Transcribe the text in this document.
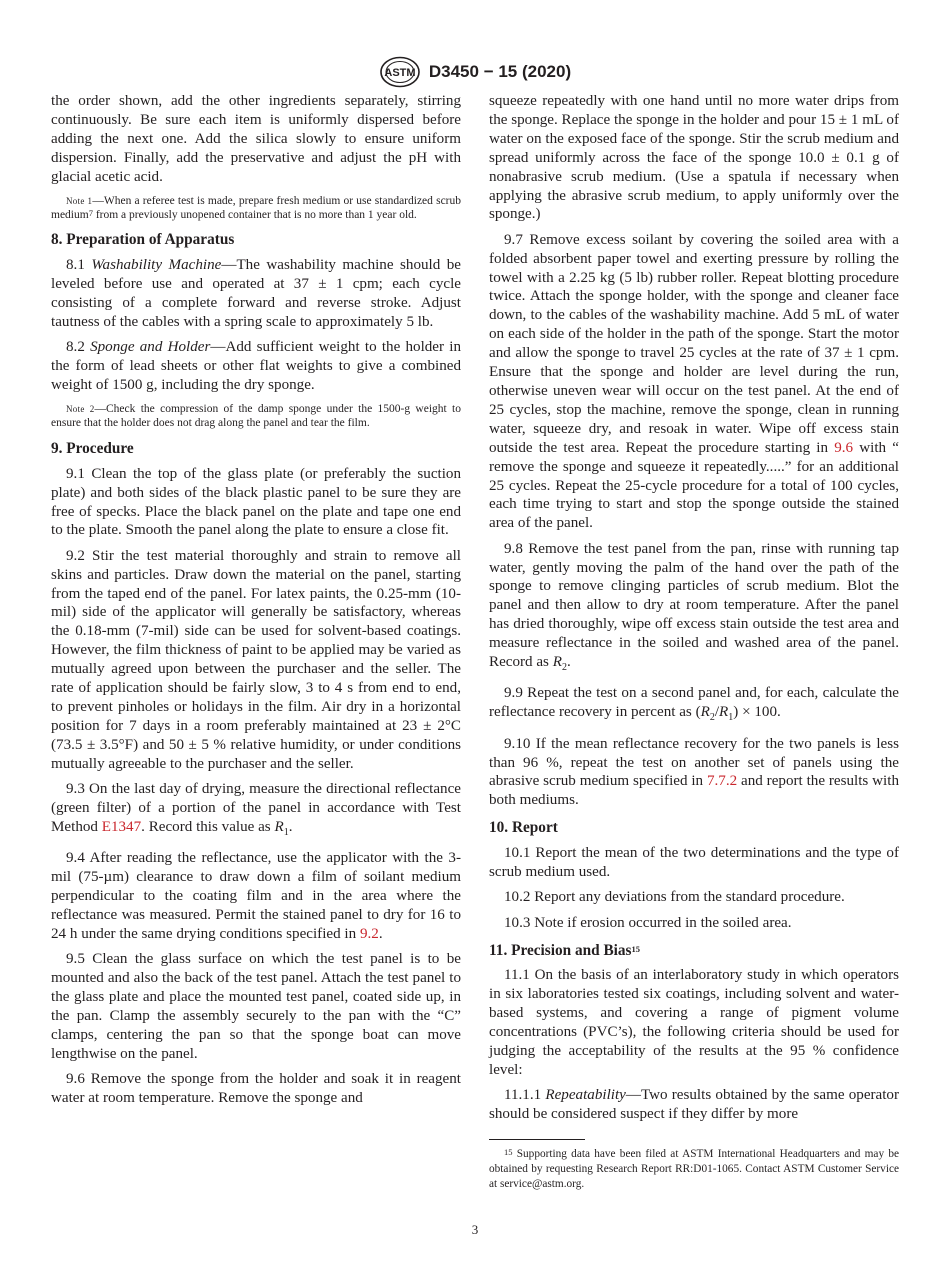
ASTM D3450 − 15 (2020)

the order shown, add the other ingredients separately, stirring continuously. Be sure each item is uniformly dispersed before adding the next one. Add the silica slowly to ensure uniform dispersion. Finally, add the preservative and adjust the pH with glacial acetic acid.

Note 1—When a referee test is made, prepare fresh medium or use standardized scrub medium$^7$ from a previously unopened container that is no more than 1 year old.

8. Preparation of Apparatus

8.1 Washability Machine—The washability machine should be leveled before use and operated at 37 ± 1 cpm; each cycle consisting of a complete forward and reverse stroke. Adjust tautness of the cables with a spring scale to approximately 5 lb.

8.2 Sponge and Holder—Add sufficient weight to the holder in the form of lead sheets or other flat weights to give a combined weight of 1500 g, including the dry sponge.

Note 2—Check the compression of the damp sponge under the 1500-g weight to ensure that the holder does not drag along the panel and tear the film.

9. Procedure

9.1 Clean the top of the glass plate (or preferably the suction plate) and both sides of the black plastic panel to be sure they are free of specks. Place the black panel on the plate and tape one end to the plate. Smooth the panel along the plate to ensure a close fit.

9.2 Stir the test material thoroughly and strain to remove all skins and particles. Draw down the material on the panel, starting from the taped end of the panel. For latex paints, the 0.25-mm (10-mil) side of the applicator will generally be satisfactory, whereas the 0.18-mm (7-mil) side can be used for solvent-based coatings. However, the film thickness of paint to be applied may be varied as mutually agreed upon between the purchaser and the seller. The rate of application should be fairly slow, 3 to 4 s from end to end, to prevent pinholes or holidays in the film. Air dry in a horizontal position for 7 days in a room preferably maintained at 23 ± 2°C (73.5 ± 3.5°F) and 50 ± 5 % relative humidity, or under conditions mutually agreeable to the purchaser and the seller.

9.3 On the last day of drying, measure the directional reflectance (green filter) of a portion of the panel in accordance with Test Method E1347. Record this value as $R_1$.

9.4 After reading the reflectance, use the applicator with the 3-mil (75-µm) clearance to draw down a film of soilant medium perpendicular to the coating film and in the area where the reflectance was measured. Permit the stained panel to dry for 16 to 24 h under the same drying conditions specified in 9.2.

9.5 Clean the glass surface on which the test panel is to be mounted and also the back of the test panel. Attach the test panel to the glass plate and place the mounted test panel, coated side up, in the pan. Clamp the assembly securely to the pan with the “C” clamps, centering the pan so that the sponge boat can move lengthwise on the panel.

9.6 Remove the sponge from the holder and soak it in reagent water at room temperature. Remove the sponge and

squeeze repeatedly with one hand until no more water drips from the sponge. Replace the sponge in the holder and pour 15 ± 1 mL of water on the exposed face of the sponge. Stir the scrub medium and spread uniformly across the face of the sponge 10.0 ± 0.1 g of nonabrasive scrub medium. (Use a spatula if necessary when applying the abrasive scrub medium, to apply uniformly over the sponge.)

9.7 Remove excess soilant by covering the soiled area with a folded absorbent paper towel and exerting pressure by rolling the towel with a 2.25 kg (5 lb) rubber roller. Repeat blotting procedure twice. Attach the sponge holder, with the sponge and cleaner face down, to the cables of the washability machine. Add 5 mL of water on each side of the holder in the path of the sponge. Start the motor and allow the sponge to travel 25 cycles at the rate of 37 ± 1 cpm. Ensure that the sponge and holder are level during the run, otherwise uneven wear will occur on the test panel. At the end of 25 cycles, stop the machine, remove the sponge, clean in running water, squeeze dry, and resoak in water. Wipe off excess stain outside the test area. Repeat the procedure starting in 9.6 with “ remove the sponge and squeeze it repeatedly.....” for an additional 25 cycles. Repeat the 25-cycle procedure for a total of 100 cycles, each time trying to start and stop the sponge outside the stained area of the panel.

9.8 Remove the test panel from the pan, rinse with running tap water, gently moving the palm of the hand over the path of the sponge to remove clinging particles of scrub medium. Blot the panel and then allow to dry at room temperature. After the panel has dried thoroughly, wipe off excess stain outside the test area and measure reflectance in the soiled and washed area of the panel. Record as $R_2$.

9.9 Repeat the test on a second panel and, for each, calculate the reflectance recovery in percent as $(R_2/R_1) \times 100$.

9.10 If the mean reflectance recovery for the two panels is less than 96 %, repeat the test on another set of panels using the abrasive scrub medium specified in 7.7.2 and report the results with both mediums.

10. Report

10.1 Report the mean of the two determinations and the type of scrub medium used.

10.2 Report any deviations from the standard procedure.

10.3 Note if erosion occurred in the soiled area.

11. Precision and Bias$^{15}$

11.1 On the basis of an interlaboratory study in which operators in six laboratories tested six coatings, including solvent and water-based systems, and covering a range of pigment volume concentrations (PVC’s), the following criteria should be used for judging the acceptability of the results at the 95 % confidence level:

11.1.1 Repeatability—Two results obtained by the same operator should be considered suspect if they differ by more

$^{15}$ Supporting data have been filed at ASTM International Headquarters and may be obtained by requesting Research Report RR:D01-1065. Contact ASTM Customer Service at service@astm.org.

3
